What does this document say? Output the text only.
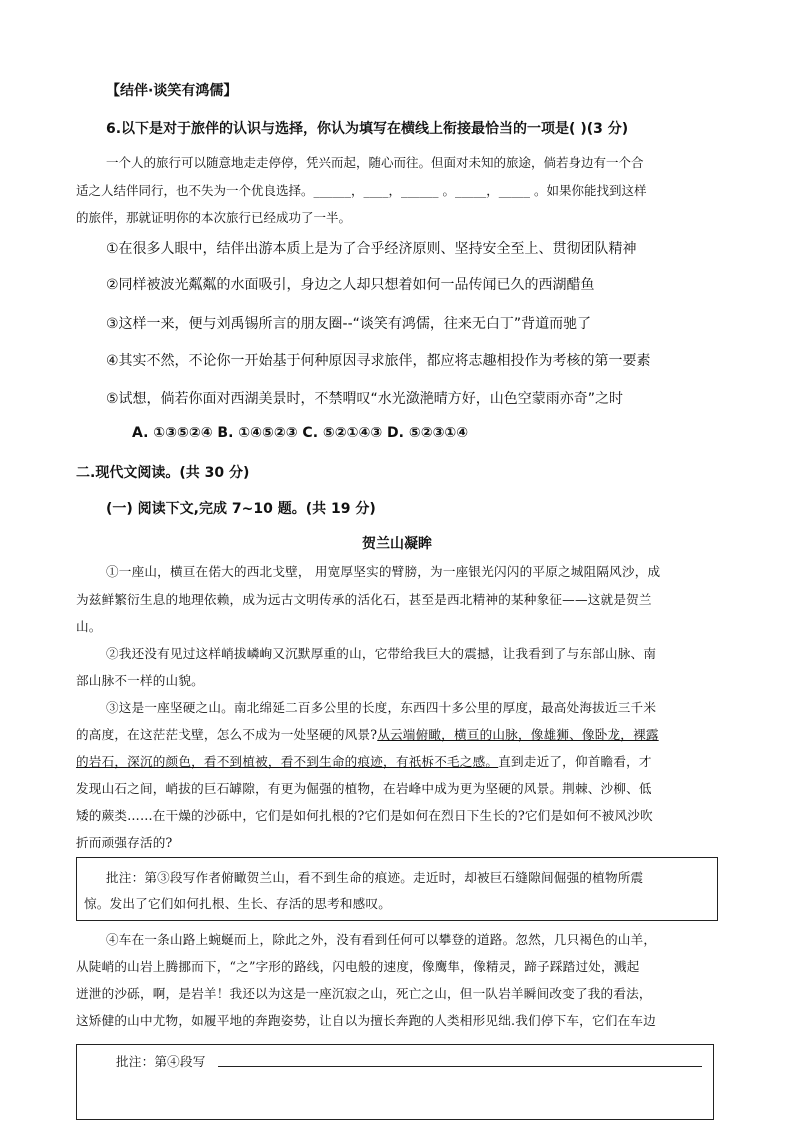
【结伴·谈笑有鸿儒】
6.以下是对于旅伴的认识与选择，你认为填写在横线上衔接最恰当的一项是( )(3 分)
一个人的旅行可以随意地走走停停，凭兴而起，随心而往。但面对未知的旅途，倘若身边有一个合
适之人结伴同行，也不失为一个优良选择。______，____，______ 。_____，_____ 。如果你能找到这样
的旅伴，那就证明你的本次旅行已经成功了一半。
①在很多人眼中，结伴出游本质上是为了合乎经济原则、坚持安全至上、贯彻团队精神
②同样被波光粼粼的水面吸引，身边之人却只想着如何一品传闻已久的西湖醋鱼
③这样一来，便与刘禹锡所言的朋友圈--“谈笑有鸿儒，往来无白丁”背道而驰了
④其实不然，不论你一开始基于何种原因寻求旅伴，都应将志趣相投作为考核的第一要素
⑤试想，倘若你面对西湖美景时，不禁喟叹“水光潋滟晴方好，山色空蒙雨亦奇”之时
A. ①③⑤②④ B. ①④⑤②③ C. ⑤②①④③ D. ⑤②③①④
二.现代文阅读。(共 30 分)
(一) 阅读下文,完成 7~10 题。(共 19 分)
贺兰山凝眸
①一座山，横亘在偌大的西北戈壁， 用宽厚坚实的臂膀，为一座银光闪闪的平原之城阻隔风沙，成
为兹鲜繁衍生息的地理依赖，成为远古文明传承的活化石，甚至是西北精神的某种象征——这就是贺兰
山。
②我还没有见过这样峭拔嶙峋又沉默厚重的山，它带给我巨大的震撼，让我看到了与东部山脉、南
部山脉不一样的山貌。
③这是一座坚硬之山。南北绵延二百多公里的长度，东西四十多公里的厚度，最高处海拔近三千米
的高度，在这茫茫戈壁，怎么不成为一处坚硬的风景?从云端俯瞰，横亘的山脉，像雄狮、像卧龙，裸露
的岩石，深沉的颜色，看不到植被，看不到生命的痕迹，有祇柝不毛之感。直到走近了，仰首瞻看，才
发现山石之间，峭拔的巨石罅隙，有更为倔强的植物，在岩峰中成为更为坚硬的风景。荆棘、沙柳、低
矮的蕨类……在干燥的沙砾中，它们是如何扎根的?它们是如何在烈日下生长的?它们是如何不被风沙吹
折而顽强存活的?
批注：第③段写作者俯瞰贺兰山，看不到生命的痕迹。走近时，却被巨石缝隙间倔强的植物所震
惊。发出了它们如何扎根、生长、存活的思考和感叹。
④车在一条山路上蜿蜒而上，除此之外，没有看到任何可以攀登的道路。忽然，几只褐色的山羊，
从陡峭的山岩上腾挪而下，“之”字形的路线，闪电般的速度，像鹰隼，像精灵，蹄子踩踏过处，溅起
迸泄的沙砾，啊，是岩羊！我还以为这是一座沉寂之山，死亡之山，但一队岩羊瞬间改变了我的看法，
这矫健的山中尤物，如履平地的奔跑姿势，让自以为擅长奔跑的人类相形见绌.我们停下车，它们在车边
批注：第④段写
